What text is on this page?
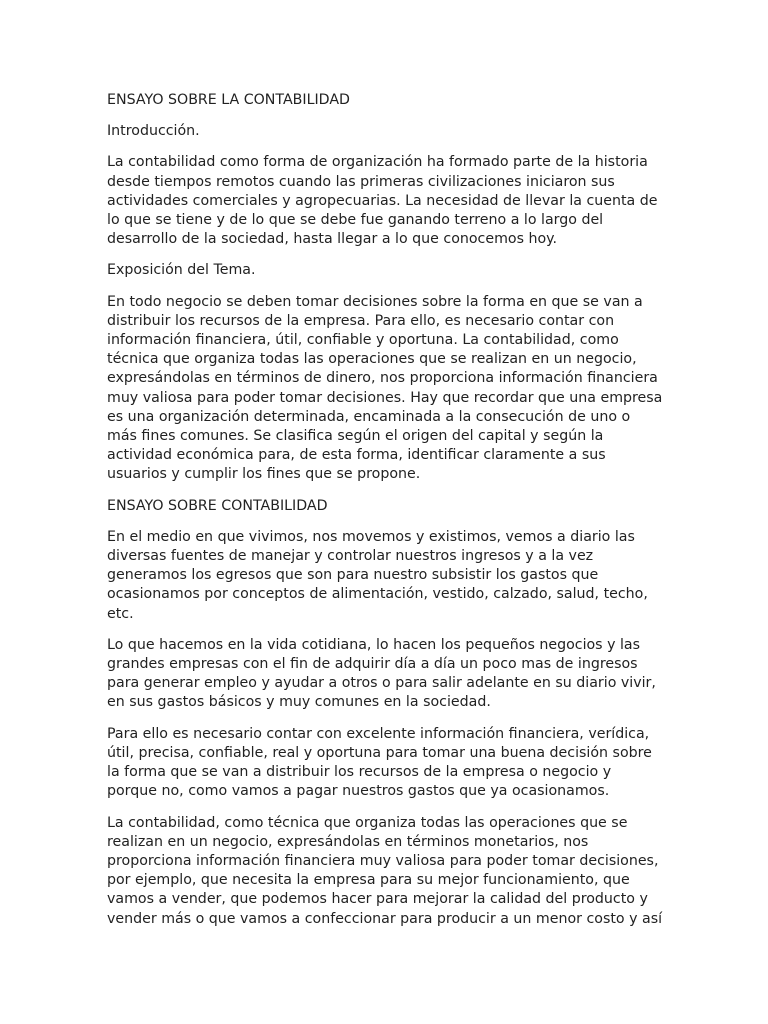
ENSAYO SOBRE LA CONTABILIDAD

Introducción.

La contabilidad como forma de organización ha formado parte de la historia desde tiempos remotos cuando las primeras civilizaciones iniciaron sus actividades comerciales y agropecuarias. La necesidad de llevar la cuenta de lo que se tiene y de lo que se debe fue ganando terreno a lo largo del desarrollo de la sociedad, hasta llegar a lo que conocemos hoy.

Exposición del Tema.

En todo negocio se deben tomar decisiones sobre la forma en que se van a distribuir los recursos de la empresa. Para ello, es necesario contar con información financiera, útil, confiable y oportuna. La contabilidad, como técnica que organiza todas las operaciones que se realizan en un negocio, expresándolas en términos de dinero, nos proporciona información financiera muy valiosa para poder tomar decisiones. Hay que recordar que una empresa es una organización determinada, encaminada a la consecución de uno o más fines comunes. Se clasifica según el origen del capital y según la actividad económica para, de esta forma, identificar claramente a sus usuarios y cumplir los fines que se propone.

ENSAYO SOBRE CONTABILIDAD

En el medio en que vivimos, nos movemos y existimos, vemos a diario las diversas fuentes de manejar y controlar nuestros ingresos y a la vez generamos los egresos que son para nuestro subsistir los gastos que ocasionamos por conceptos de alimentación, vestido, calzado, salud, techo, etc.

Lo que hacemos en la vida cotidiana, lo hacen los pequeños negocios y las grandes empresas con el fin de adquirir día a día un poco mas de ingresos para generar empleo y ayudar a otros o para salir adelante en su diario vivir, en sus gastos básicos y muy comunes en la sociedad.

Para ello es necesario contar con excelente información financiera, verídica, útil, precisa, confiable, real y oportuna para tomar una buena decisión sobre la forma que se van a distribuir los recursos de la empresa o negocio y porque no, como vamos a pagar nuestros gastos que ya ocasionamos.

La contabilidad, como técnica que organiza todas las operaciones que se realizan en un negocio, expresándolas en términos monetarios, nos proporciona información financiera muy valiosa para poder tomar decisiones, por ejemplo, que necesita la empresa para su mejor funcionamiento, que vamos a vender, que podemos hacer para mejorar la calidad del producto y vender más o que vamos a confeccionar para producir a un menor costo y así
